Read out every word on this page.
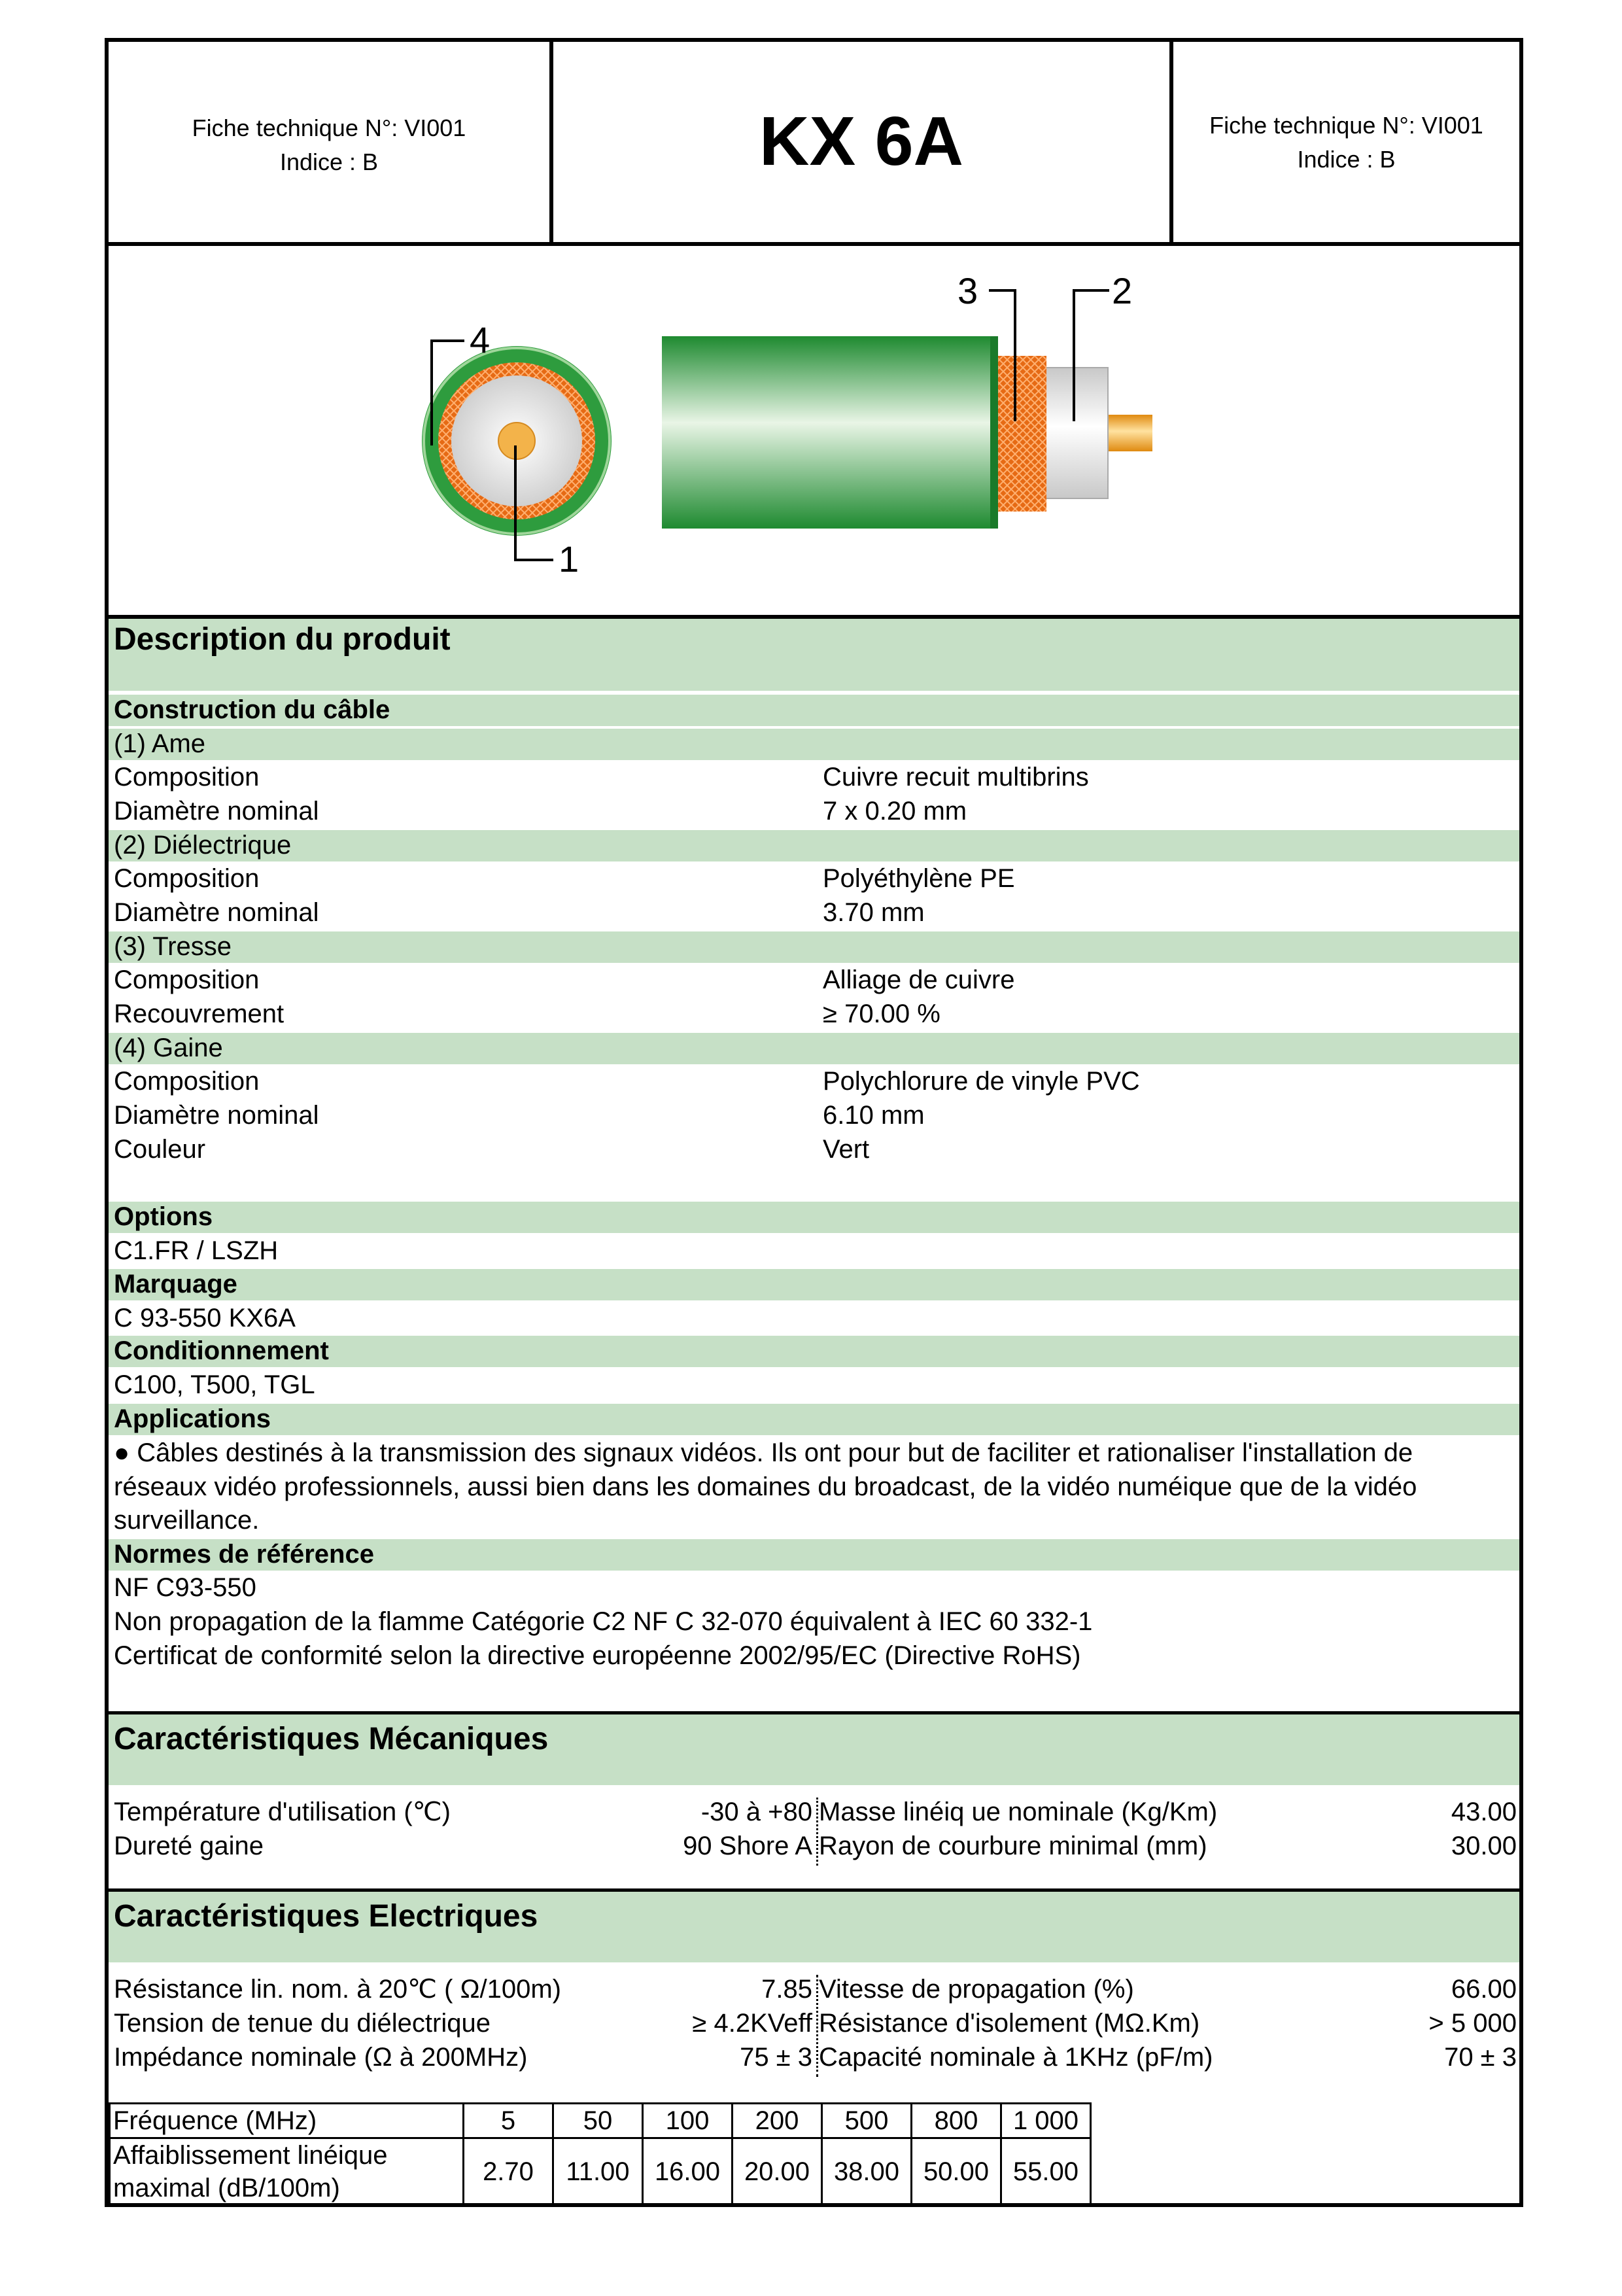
Fiche technique N°: VI001
Indice : B	KX 6A	Fiche technique N°: VI001
Indice : B
4
1
3	2
Description du produit
Construction du câble
(1) Ame
Composition	Cuivre recuit multibrins
Diamètre nominal	7 x 0.20 mm
(2) Diélectrique
Composition	Polyéthylène PE
Diamètre nominal	3.70 mm
(3) Tresse
Composition	Alliage de cuivre
Recouvrement	≥ 70.00 %
(4) Gaine
Composition	Polychlorure de vinyle PVC
Diamètre nominal	6.10 mm
Couleur	Vert
Options
C1.FR / LSZH
Marquage
C 93-550 KX6A
Conditionnement
C100, T500, TGL
Applications
● Câbles destinés à la transmission des signaux vidéos. Ils ont pour but de faciliter et rationaliser l'installation de
réseaux vidéo professionnels, aussi bien dans les domaines du broadcast, de la vidéo numéique que de la vidéo
surveillance.
Normes de référence
NF C93-550
Non propagation de la flamme Catégorie C2 NF C 32-070 équivalent à IEC 60 332-1
Certificat de conformité selon la directive européenne 2002/95/EC (Directive RoHS)
Caractéristiques Mécaniques
Température d'utilisation (℃)	-30 à +80 Masse linéiq ue nominale (Kg/Km)	43.00
Dureté gaine	90 Shore A Rayon de courbure minimal (mm)	30.00
Caractéristiques Electriques
Résistance lin. nom. à 20℃ ( Ω/100m)	7.85 Vitesse de propagation (%)	66.00
Tension de tenue du diélectrique	≥ 4.2KVeff Résistance d'isolement (MΩ.Km)	> 5 000
Impédance nominale (Ω à 200MHz)	75 ± 3 Capacité nominale à 1KHz (pF/m)	70 ± 3
Fréquence (MHz)	5	50	100	200	500	800	1 000

Affaiblissement linéique
maximal (dB/100m)	2.70	11.00	16.00	20.00	38.00	50.00	55.00
